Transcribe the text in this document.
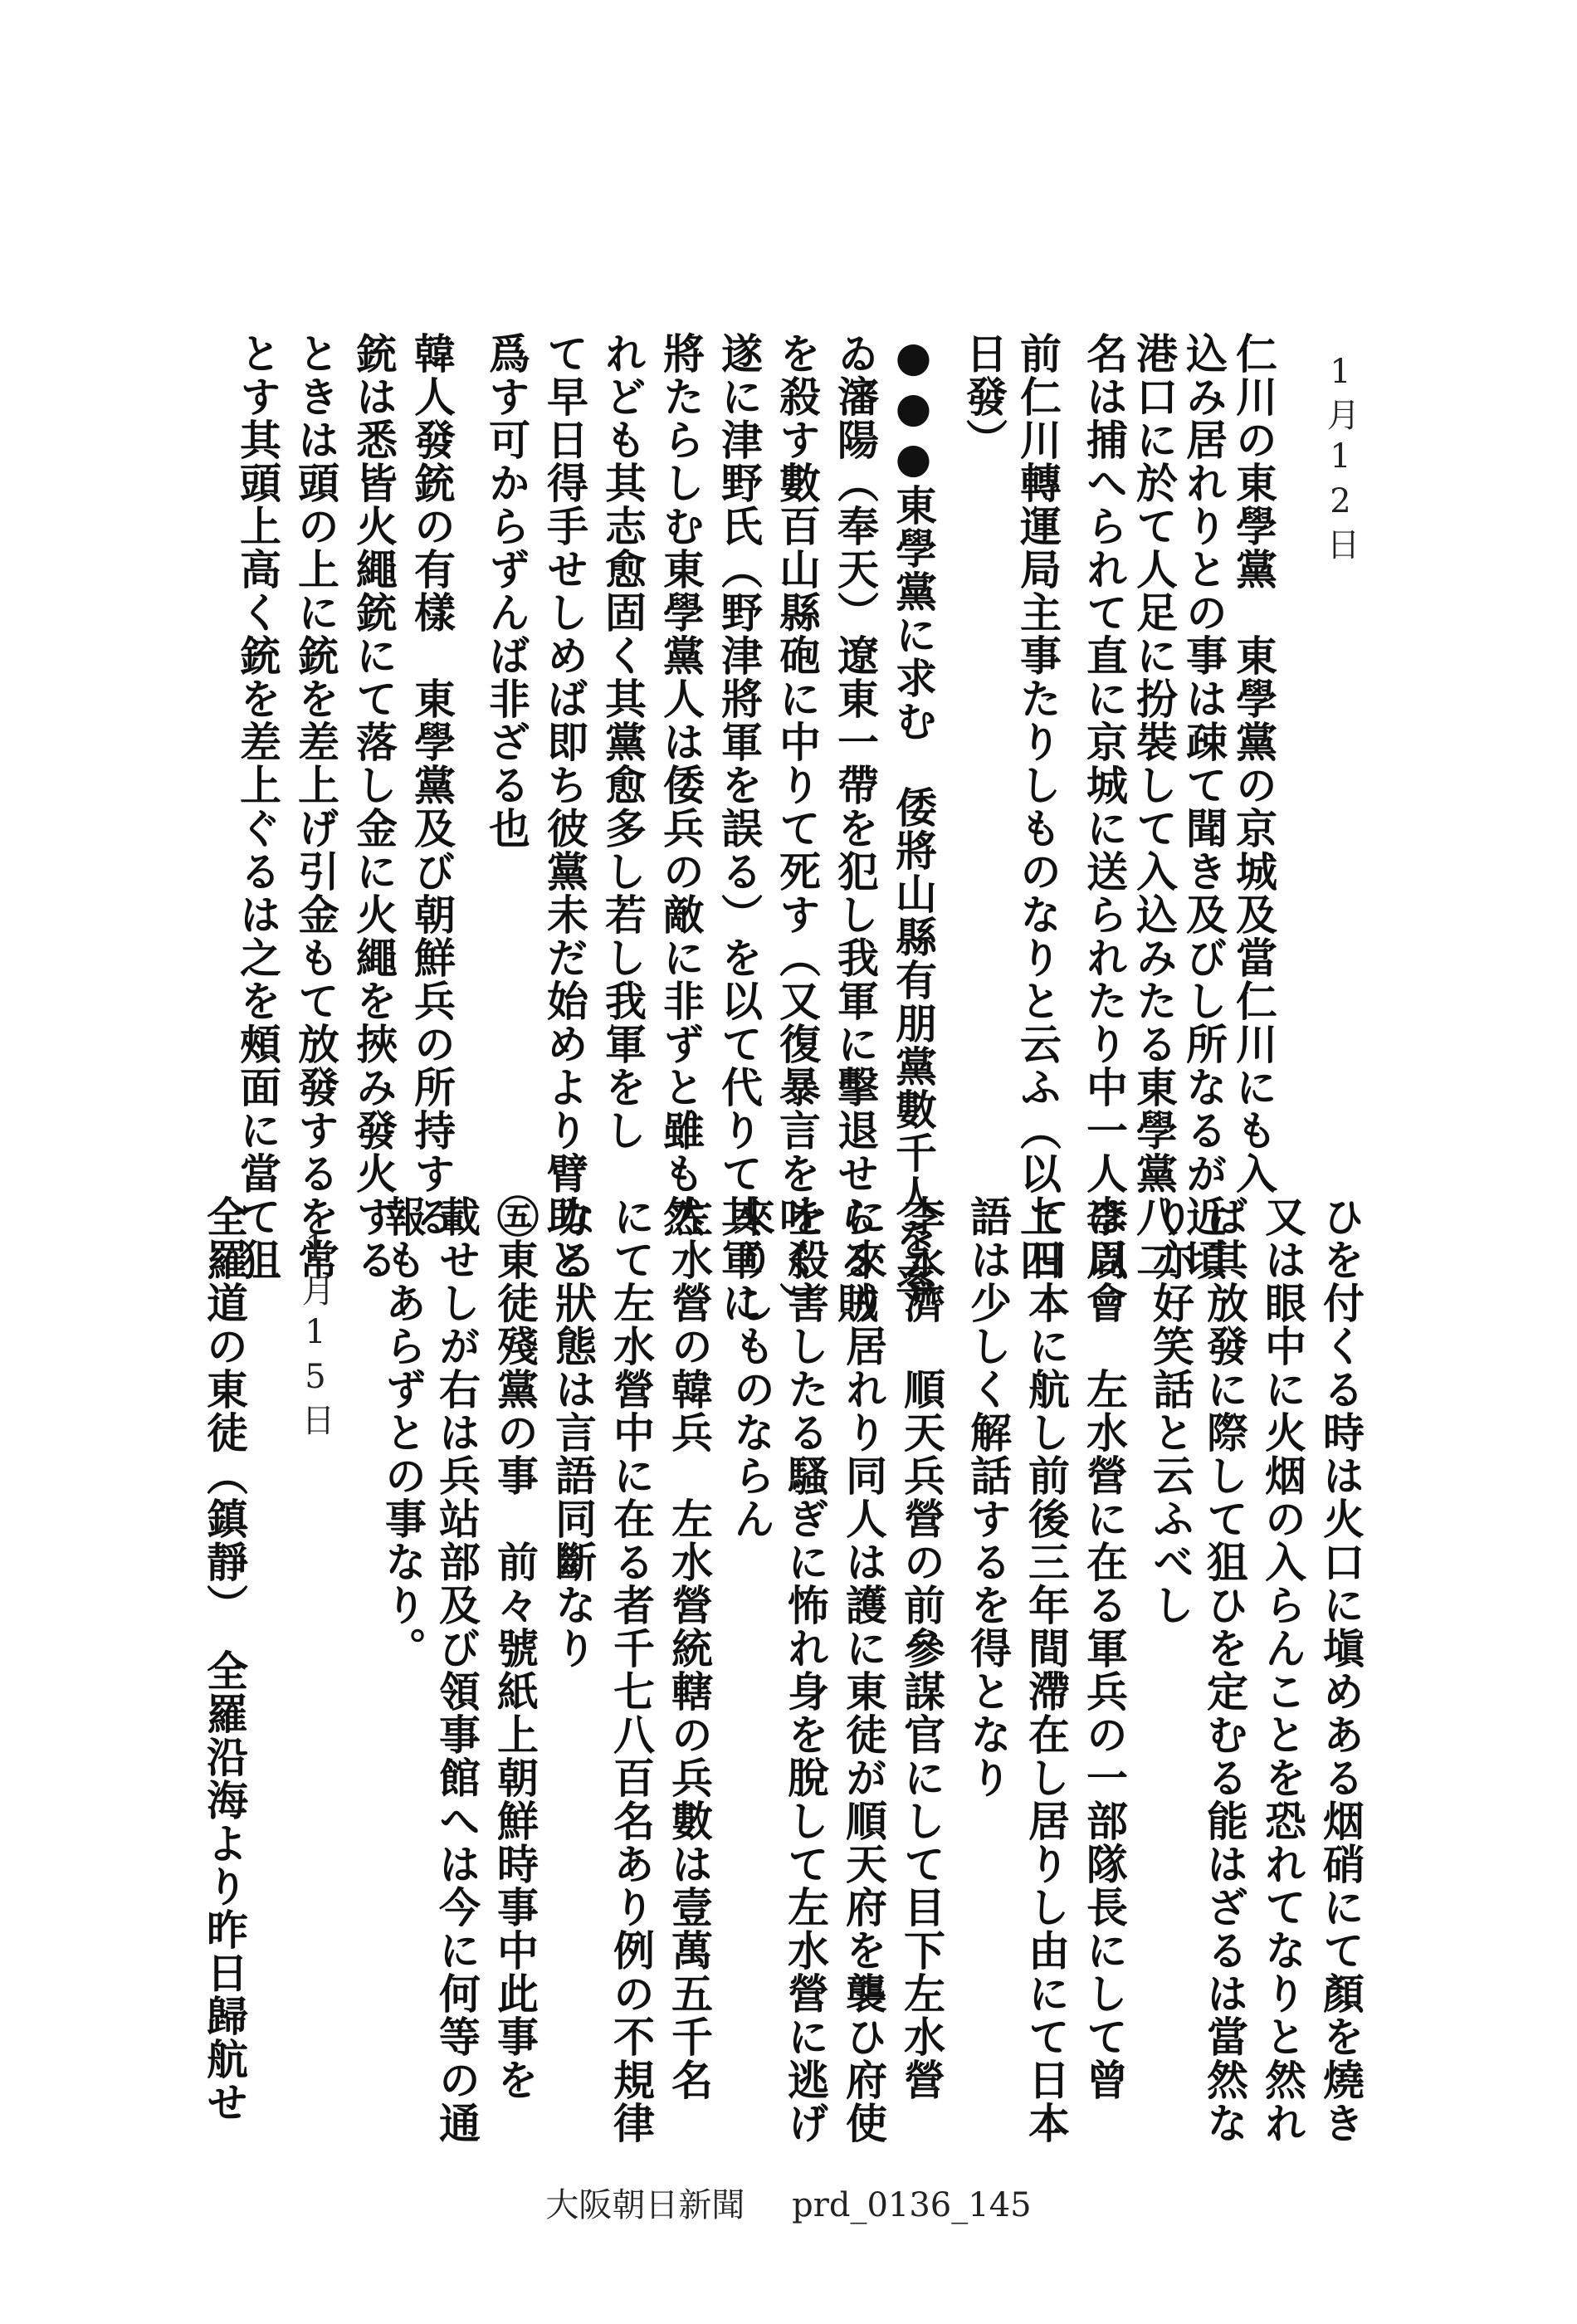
1月12日
仁川の東學黨　東學黨の京城及當仁川にも入
込み居れりとの事は疎て聞き及びし所なるが近頃
港口に於て人足に扮裝して入込みたる東學黨八二
名は捕へられて直に京城に送られたり中一人は以
前仁川轉運局主事たりしものなりと云ふ（以上四
日發）
●●●東學黨に求む　倭將山縣有朋黨數千人を率
ゐ瀋陽（奉天）遼東一帶を犯し我軍に擊退せらる賊
を殺す數百山縣砲に中りて死す（又復暴言を吐く）
遂に津野氏（野津將軍を誤る）を以て代りて其軍に
將たらしむ東學黨人は倭兵の敵に非ずと雖も然
れども其志愈固く其黨愈多し若し我軍をし
て早日得手せしめば即ち彼黨未だ始めより臂助と
爲す可からずんば非ざる也
韓人發銃の有樣　東學黨及び朝鮮兵の所持する
銃は悉皆火繩銃にて落し金に火繩を挾み發火する
ときは頭の上に銃を差上げ引金もて放發するを常
とす其頭上高く銃を差上ぐるは之を頰面に當て狙
ひを付くる時は火口に塡めある烟硝にて顏を燒き
又は眼中に火烟の入らんことを恐れてなりと然れ
ば其放發に際して狙ひを定むる能はざるは當然な
り亦好笑話と云ふべし
李周會　左水營に在る軍兵の一部隊長にして曾
て日本に航し前後三年間滯在し居りし由にて日本
語は少しく解話するを得となり
李永濟　順天兵營の前參謀官にして目下左水營
に來り居れり同人は護に東徒が順天府を襲ひ府使
を殺害したる騷ぎに怖れ身を脫して左水營に逃げ
來りしものならん
左水營の韓兵　左水營統轄の兵數は壹萬五千名
にて左水營中に在る者千七八百名あり例の不規律
なる狀態は言語同斷なり
㊄東徒殘黨の事　前々號紙上朝鮮時事中此事を
載せしが右は兵站部及び領事館へは今に何等の通
報もあらずとの事なり。
1月15日
全羅道の東徒（鎮靜）　全羅沿海より昨日歸航せ
大阪朝日新聞 prd_0136_145
